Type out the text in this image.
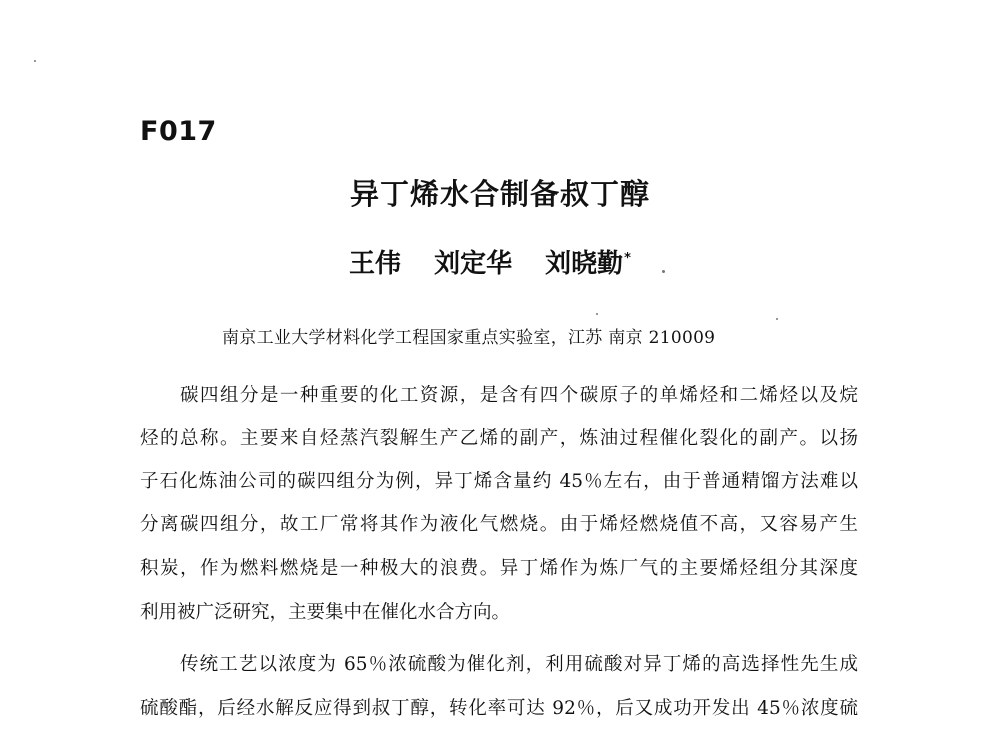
F017
异丁烯水合制备叔丁醇
王伟 刘定华 刘晓勤*
南京工业大学材料化学工程国家重点实验室，江苏 南京 210009
碳四组分是一种重要的化工资源，是含有四个碳原子的单烯烃和二烯烃以及烷
烃的总称。主要来自烃蒸汽裂解生产乙烯的副产，炼油过程催化裂化的副产。以扬
子石化炼油公司的碳四组分为例，异丁烯含量约 45％左右，由于普通精馏方法难以
分离碳四组分，故工厂常将其作为液化气燃烧。由于烯烃燃烧值不高，又容易产生
积炭，作为燃料燃烧是一种极大的浪费。异丁烯作为炼厂气的主要烯烃组分其深度
利用被广泛研究，主要集中在催化水合方向。
传统工艺以浓度为 65％浓硫酸为催化剂，利用硫酸对异丁烯的高选择性先生成
硫酸酯，后经水解反应得到叔丁醇，转化率可达 92％，后又成功开发出 45％浓度硫
